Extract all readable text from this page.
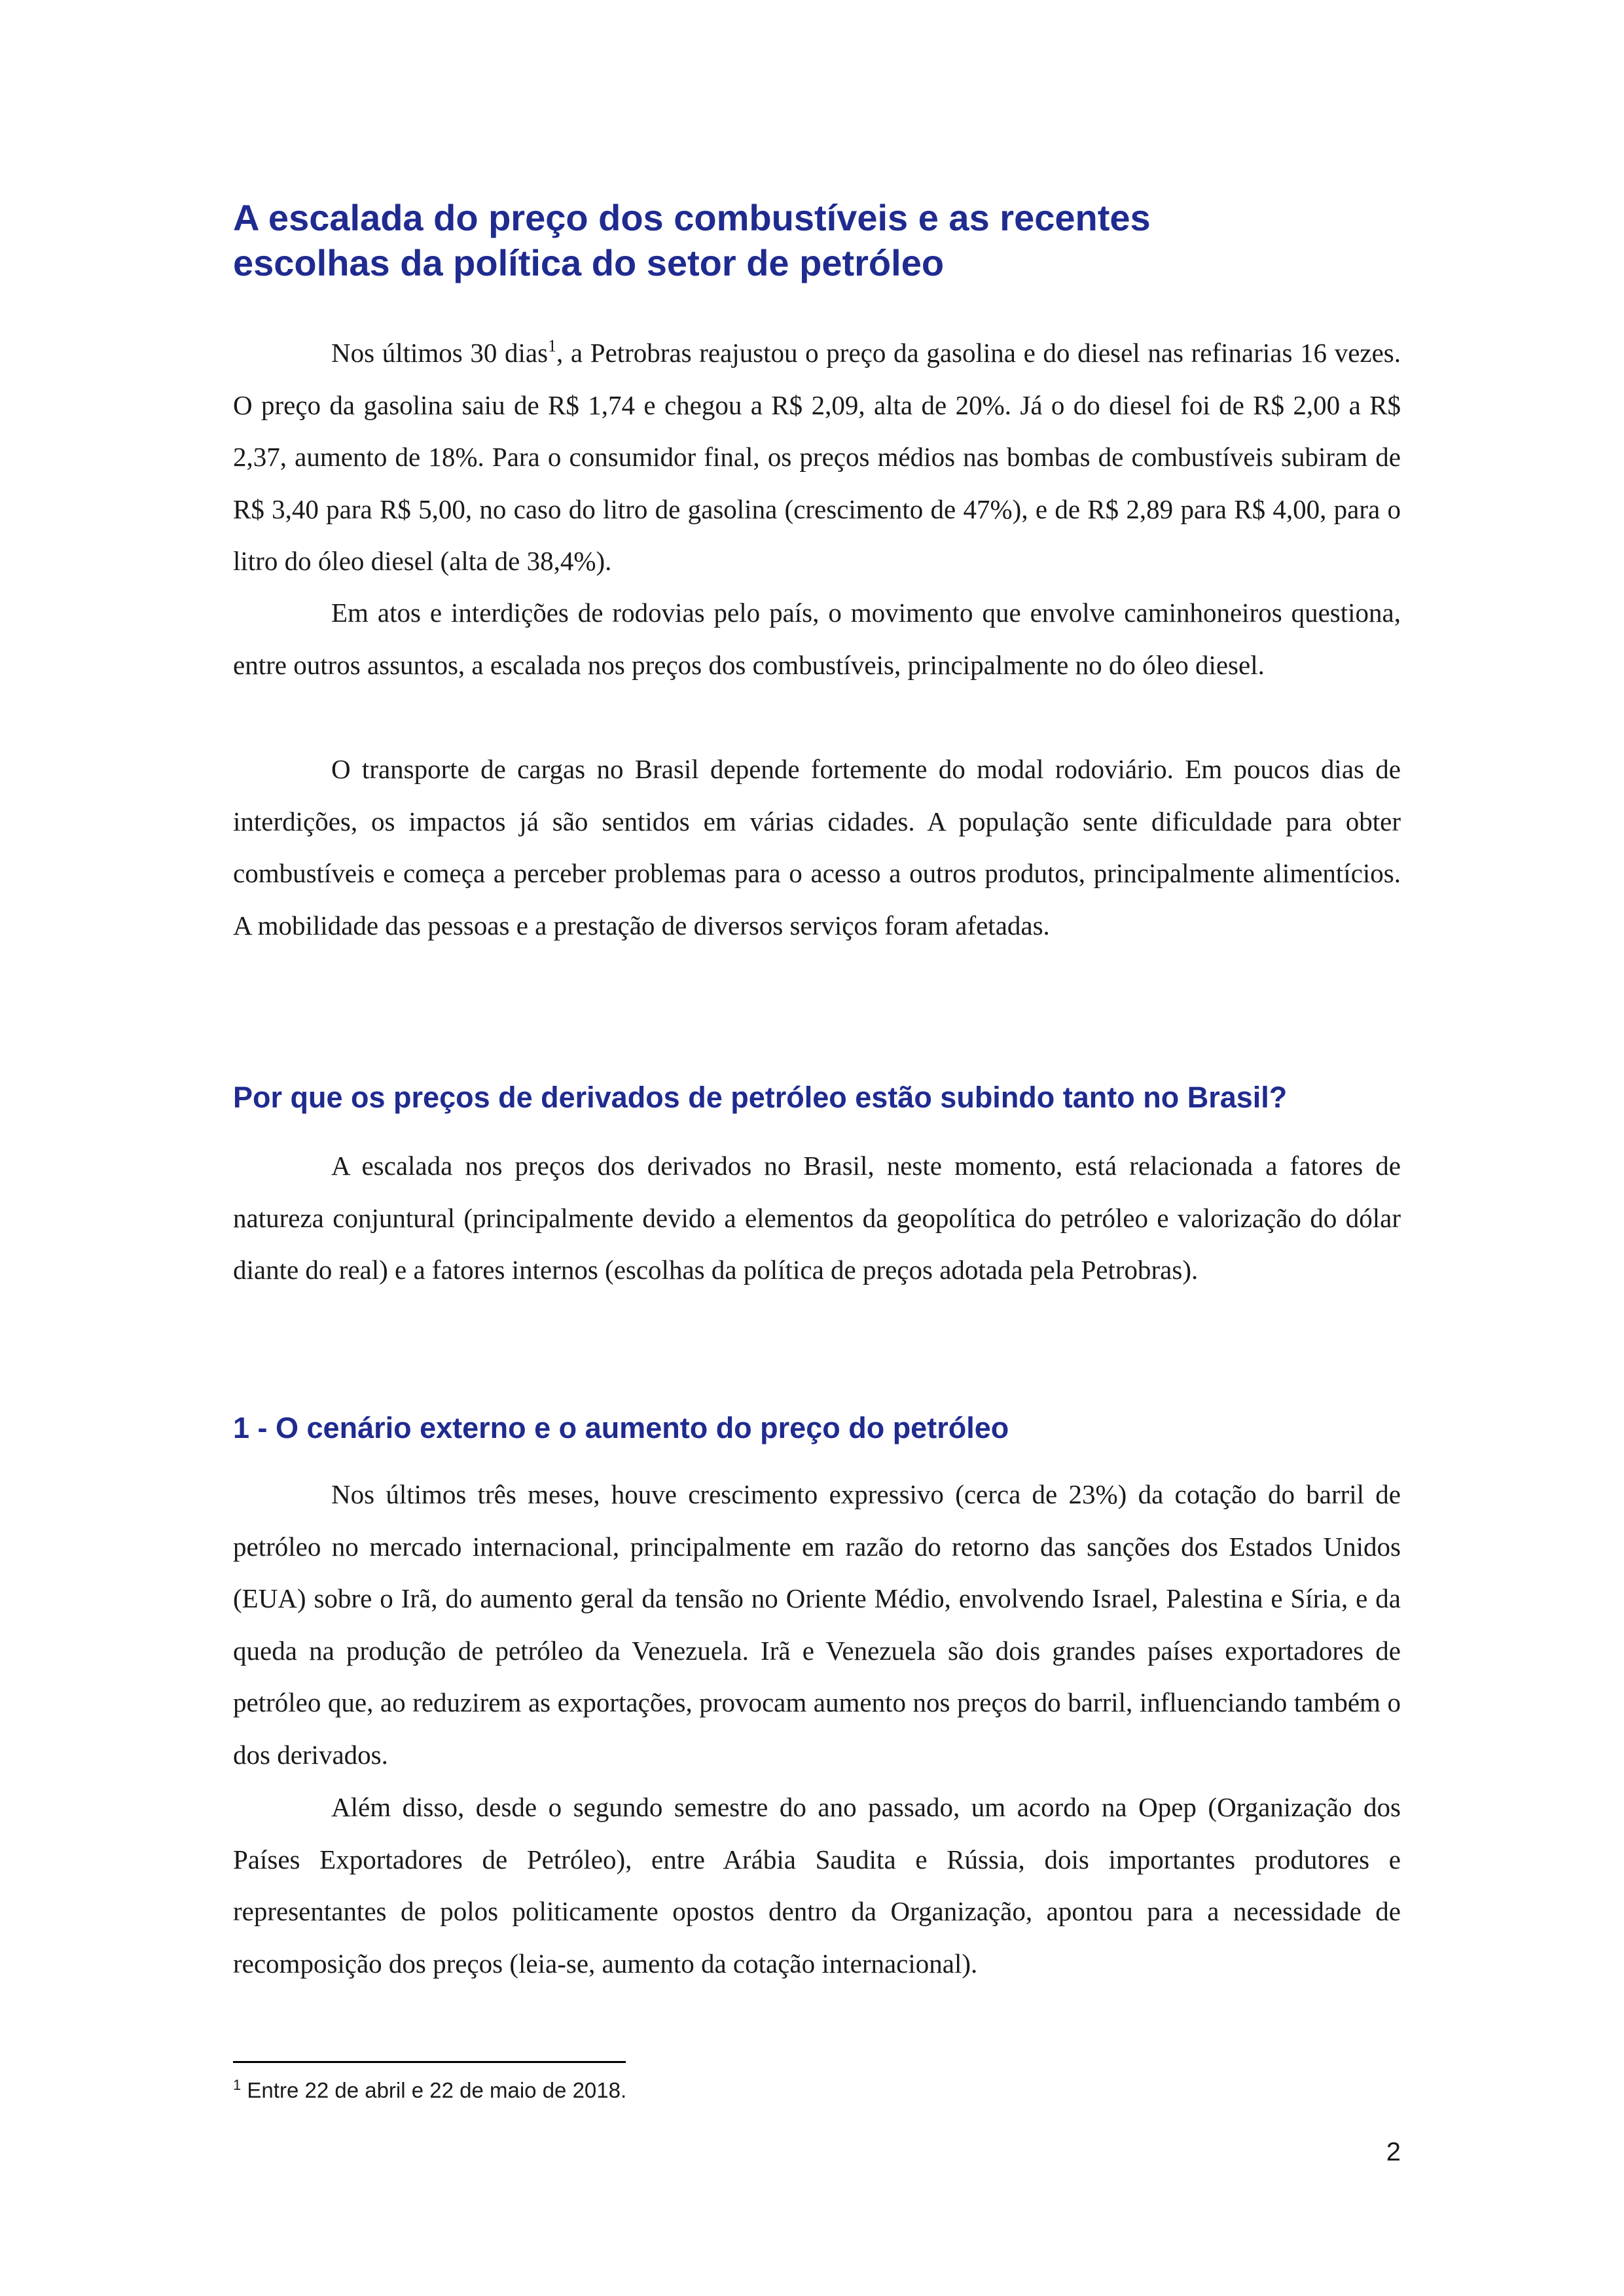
A escalada do preço dos combustíveis e as recentes
escolhas da política do setor de petróleo

Nos últimos 30 dias$^1$, a Petrobras reajustou o preço da gasolina e do diesel nas refinarias 16 vezes. O preço da gasolina saiu de R$ 1,74 e chegou a R$ 2,09, alta de 20%. Já o do diesel foi de R$ 2,00 a R$ 2,37, aumento de 18%. Para o consumidor final, os preços médios nas bombas de combustíveis subiram de R$ 3,40 para R$ 5,00, no caso do litro de gasolina (crescimento de 47%), e de R$ 2,89 para R$ 4,00, para o litro do óleo diesel (alta de 38,4%).

Em atos e interdições de rodovias pelo país, o movimento que envolve caminhoneiros questiona, entre outros assuntos, a escalada nos preços dos combustíveis, principalmente no do óleo diesel.

O transporte de cargas no Brasil depende fortemente do modal rodoviário. Em poucos dias de interdições, os impactos já são sentidos em várias cidades. A população sente dificuldade para obter combustíveis e começa a perceber problemas para o acesso a outros produtos, principalmente alimentícios. A mobilidade das pessoas e a prestação de diversos serviços foram afetadas.

Por que os preços de derivados de petróleo estão subindo tanto no Brasil?

A escalada nos preços dos derivados no Brasil, neste momento, está relacionada a fatores de natureza conjuntural (principalmente devido a elementos da geopolítica do petróleo e valorização do dólar diante do real) e a fatores internos (escolhas da política de preços adotada pela Petrobras).

1 - O cenário externo e o aumento do preço do petróleo

Nos últimos três meses, houve crescimento expressivo (cerca de 23%) da cotação do barril de petróleo no mercado internacional, principalmente em razão do retorno das sanções dos Estados Unidos (EUA) sobre o Irã, do aumento geral da tensão no Oriente Médio, envolvendo Israel, Palestina e Síria, e da queda na produção de petróleo da Venezuela. Irã e Venezuela são dois grandes países exportadores de petróleo que, ao reduzirem as exportações, provocam aumento nos preços do barril, influenciando também o dos derivados.

Além disso, desde o segundo semestre do ano passado, um acordo na Opep (Organização dos Países Exportadores de Petróleo), entre Arábia Saudita e Rússia, dois importantes produtores e representantes de polos politicamente opostos dentro da Organização, apontou para a necessidade de recomposição dos preços (leia-se, aumento da cotação internacional).

$^1$ Entre 22 de abril e 22 de maio de 2018.

2
